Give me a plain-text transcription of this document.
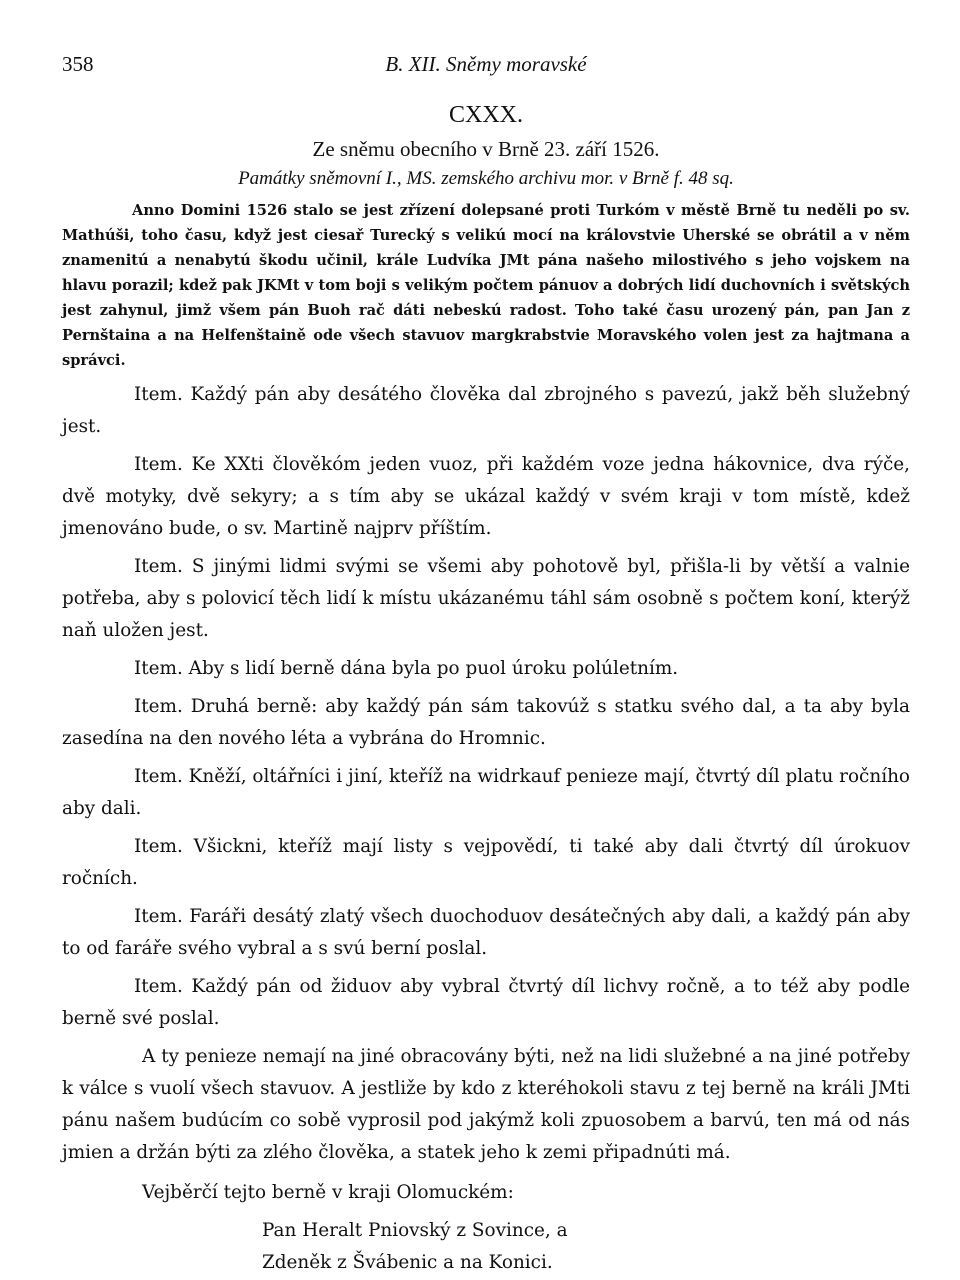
358	B. XII. Sněmy moravské
CXXX.
Ze sněmu obecního v Brně 23. září 1526.
Památky sněmovní I., MS. zemského archivu mor. v Brně f. 48 sq.

Anno Domini 1526 stalo se jest zřízení dolepsané proti Turkóm v městě Brně tu neděli po sv. Mathúši, toho času, když jest ciesař Turecký s velikú mocí na královstvie Uherské se obrátil a v něm znamenitú a nenabytú škodu učinil, krále Ludvíka JMt pána našeho milostivého s jeho vojskem na hlavu porazil; kdež pak JKMt v tom boji s velikým počtem pánuov a dobrých lidí duchovních i světských jest zahynul, jimž všem pán Buoh rač dáti nebeskú radost. Toho také času urozený pán, pan Jan z Pernštaina a na Helfenštaině ode všech stavuov margkrabstvie Moravského volen jest za hajtmana a správci.

Item. Každý pán aby desátého člověka dal zbrojného s pavezú, jakž běh služebný jest.

Item. Ke XXti člověkóm jeden vuoz, při každém voze jedna hákovnice, dva rýče, dvě motyky, dvě sekyry; a s tím aby se ukázal každý v svém kraji v tom místě, kdež jmenováno bude, o sv. Martině najprv příštím.

Item. S jinými lidmi svými se všemi aby pohotově byl, přišla-li by větší a valnie potřeba, aby s polovicí těch lidí k místu ukázanému táhl sám osobně s počtem koní, kterýž naň uložen jest.

Item. Aby s lidí berně dána byla po puol úroku polúletním.

Item. Druhá berně: aby každý pán sám takovúž s statku svého dal, a ta aby byla zasedína na den nového léta a vybrána do Hromnic.

Item. Kněží, oltářníci i jiní, kteříž na widrkauf penieze mají, čtvrtý díl platu ročního aby dali.

Item. Všickni, kteříž mají listy s vejpovědí, ti také aby dali čtvrtý díl úrokuov ročních.

Item. Faráři desátý zlatý všech duochoduov desátečných aby dali, a každý pán aby to od faráře svého vybral a s svú berní poslal.

Item. Každý pán od židuov aby vybral čtvrtý díl lichvy ročně, a to též aby podle berně své poslal.

A ty penieze nemají na jiné obracovány býti, než na lidi služebné a na jiné potřeby k válce s vuolí všech stavuov. A jestliže by kdo z kteréhokoli stavu z tej berně na králi JMti pánu našem budúcím co sobě vyprosil pod jakýmž koli zpuosobem a barvú, ten má od nás jmien a držán býti za zlého člověka, a statek jeho k zemi připadnúti má.

Vejběrčí tejto berně v kraji Olomuckém:

Pan Heralt Pniovský z Sovince, a

Zdeněk z Švábenic a na Konici.
